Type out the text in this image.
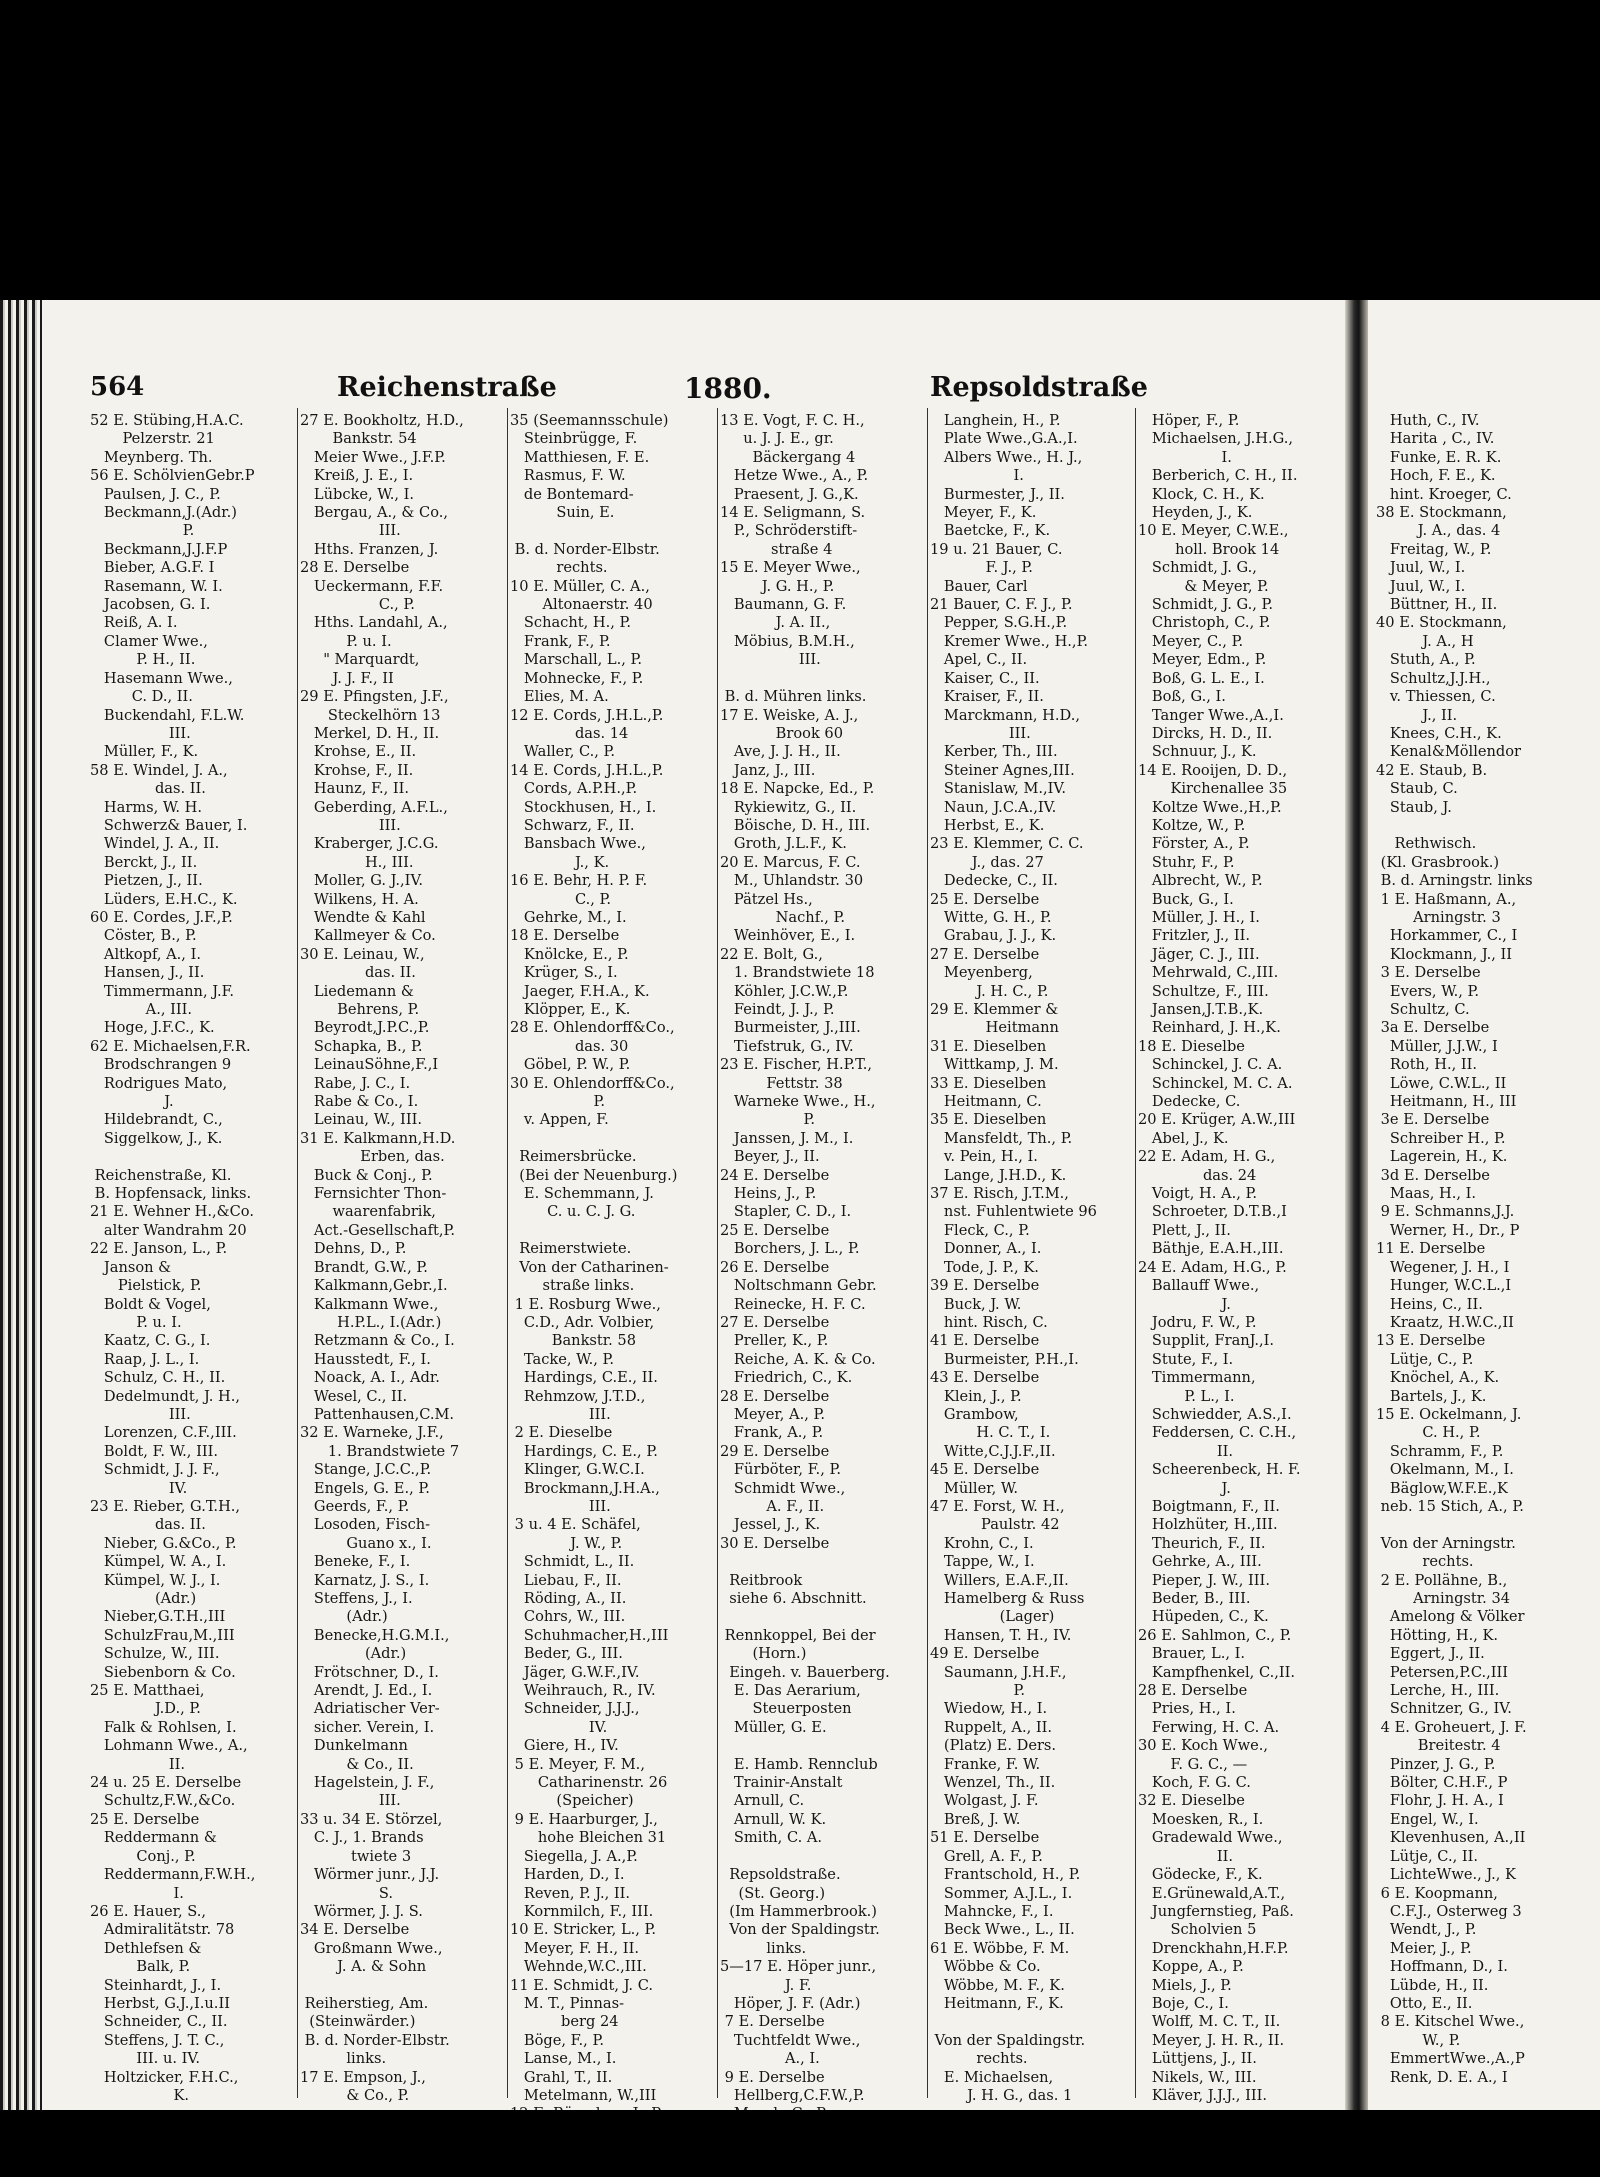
564	Reichenstraße	1880.	Repsoldstraße
52 E. Stübing,H.A.C.
Pelzerstr. 21
Meynberg. Th.
56 E. SchölvienGebr.P
Paulsen, J. C., P.
Beckmann,J.(Adr.)
P.
Beckmann,J.J.F.P
Bieber, A.G.F. I
Rasemann, W. I.
Jacobsen, G. I.
Reiß, A. I.
Clamer Wwe.,
P. H., II.
Hasemann Wwe.,
C. D., II.
Buckendahl, F.L.W.
III.
Müller, F., K.
58 E. Windel, J. A.,
das. II.
Harms, W. H.
Schwerz& Bauer, I.
Windel, J. A., II.
Berckt, J., II.
Pietzen, J., II.
Lüders, E.H.C., K.
60 E. Cordes, J.F.,P.
Cöster, B., P.
Altkopf, A., I.
Hansen, J., II.
Timmermann, J.F.
A., III.
Hoge, J.F.C., K.
62 E. Michaelsen,F.R.
Brodschrangen 9
Rodrigues Mato,
J.
Hildebrandt, C.,
Siggelkow, J., K.

Reichenstraße, Kl.
B. Hopfensack, links.
21 E. Wehner H.,&Co.
alter Wandrahm 20
22 E. Janson, L., P.
Janson &
Pielstick, P.
Boldt & Vogel,
P. u. I.
Kaatz, C. G., I.
Raap, J. L., I.
Schulz, C. H., II.
Dedelmundt, J. H.,
III.
Lorenzen, C.F.,III.
Boldt, F. W., III.
Schmidt, J. J. F.,
IV.
23 E. Rieber, G.T.H.,
das. II.
Nieber, G.&Co., P.
Kümpel, W. A., I.
Kümpel, W. J., I.
(Adr.)
Nieber,G.T.H.,III
SchulzFrau,M.,III
Schulze, W., III.
Siebenborn & Co.
25 E. Matthaei,
J.D., P.
Falk & Rohlsen, I.
Lohmann Wwe., A.,
II.
24 u. 25 E. Derselbe
Schultz,F.W.,&Co.
25 E. Derselbe
Reddermann &
Conj., P.
Reddermann,F.W.H.,
I.
26 E. Hauer, S.,
Admiralitätstr. 78
Dethlefsen &
Balk, P.
Steinhardt, J., I.
Herbst, G.J.,I.u.II
Schneider, C., II.
Steffens, J. T. C.,
III. u. IV.
Holtzicker, F.H.C.,
K.
27 E. Bookholtz, H.D.,
Bankstr. 54
Meier Wwe., J.F.P.
Kreiß, J. E., I.
Lübcke, W., I.
Bergau, A., & Co.,
III.
Hths. Franzen, J.
28 E. Derselbe
Ueckermann, F.F.
C., P.
Hths. Landahl, A.,
P. u. I.
" Marquardt,
J. J. F., II
29 E. Pfingsten, J.F.,
Steckelhörn 13
Merkel, D. H., II.
Krohse, E., II.
Krohse, F., II.
Haunz, F., II.
Geberding, A.F.L.,
III.
Kraberger, J.C.G.
H., III.
Moller, G. J.,IV.
Wilkens, H. A.
Wendte & Kahl
Kallmeyer & Co.
30 E. Leinau, W.,
das. II.
Liedemann &
Behrens, P.
Beyrodt,J.P.C.,P.
Schapka, B., P.
LeinauSöhne,F.,I
Rabe, J. C., I.
Rabe & Co., I.
Leinau, W., III.
31 E. Kalkmann,H.D.
Erben, das.
Buck & Conj., P.
Fernsichter Thon-
waarenfabrik,
Act.-Gesellschaft,P.
Dehns, D., P.
Brandt, G.W., P.
Kalkmann,Gebr.,I.
Kalkmann Wwe.,
H.P.L., I.(Adr.)
Retzmann & Co., I.
Hausstedt, F., I.
Noack, A. I., Adr.
Wesel, C., II.
Pattenhausen,C.M.
32 E. Warneke, J.F.,
1. Brandstwiete 7
Stange, J.C.C.,P.
Engels, G. E., P.
Geerds, F., P.
Losoden, Fisch-
Guano x., I.
Beneke, F., I.
Karnatz, J. S., I.
Steffens, J., I.
(Adr.)
Benecke,H.G.M.I.,
(Adr.)
Frötschner, D., I.
Arendt, J. Ed., I.
Adriatischer Ver-
sicher. Verein, I.
Dunkelmann
& Co., II.
Hagelstein, J. F.,
III.
33 u. 34 E. Störzel,
C. J., 1. Brands
twiete 3
Wörmer junr., J.J.
S.
Wörmer, J. J. S.
34 E. Derselbe
Großmann Wwe.,
J. A. & Sohn

Reiherstieg, Am.
(Steinwärder.)
B. d. Norder-Elbstr.
links.
17 E. Empson, J.,
& Co., P.
35 (Seemannsschule)
Steinbrügge, F.
Matthiesen, F. E.
Rasmus, F. W.
de Bontemard-
Suin, E.

B. d. Norder-Elbstr.
rechts.
10 E. Müller, C. A.,
Altonaerstr. 40
Schacht, H., P.
Frank, F., P.
Marschall, L., P.
Mohnecke, F., P.
Elies, M. A.
12 E. Cords, J.H.L.,P.
das. 14
Waller, C., P.
14 E. Cords, J.H.L.,P.
Cords, A.P.H.,P.
Stockhusen, H., I.
Schwarz, F., II.
Bansbach Wwe.,
J., K.
16 E. Behr, H. P. F.
C., P.
Gehrke, M., I.
18 E. Derselbe
Knölcke, E., P.
Krüger, S., I.
Jaeger, F.H.A., K.
Klöpper, E., K.
28 E. Ohlendorff&Co.,
das. 30
Göbel, P. W., P.
30 E. Ohlendorff&Co.,
P.
v. Appen, F.

Reimersbrücke.
(Bei der Neuenburg.)
E. Schemmann, J.
C. u. C. J. G.

Reimerstwiete.
Von der Catharinen-
straße links.
1 E. Rosburg Wwe.,
C.D., Adr. Volbier,
Bankstr. 58
Tacke, W., P.
Hardings, C.E., II.
Rehmzow, J.T.D.,
III.
2 E. Dieselbe
Hardings, C. E., P.
Klinger, G.W.C.I.
Brockmann,J.H.A.,
III.
3 u. 4 E. Schäfel,
J. W., P.
Schmidt, L., II.
Liebau, F., II.
Röding, A., II.
Cohrs, W., III.
Schuhmacher,H.,III
Beder, G., III.
Jäger, G.W.F.,IV.
Weihrauch, R., IV.
Schneider, J.J.J.,
IV.
Giere, H., IV.
5 E. Meyer, F. M.,
Catharinenstr. 26
(Speicher)
9 E. Haarburger, J.,
hohe Bleichen 31
Siegella, J. A.,P.
Harden, D., I.
Reven, P. J., II.
Kornmilch, F., III.
10 E. Stricker, L., P.
Meyer, F. H., II.
Wehnde,W.C.,III.
11 E. Schmidt, J. C.
M. T., Pinnas-
berg 24
Böge, F., P.
Lanse, M., I.
Grahl, T., II.
Metelmann, W.,III

13 E. Vogt, F. C. H.,
u. J. J. E., gr.
Bäckergang 4
Hetze Wwe., A., P.
Praesent, J. G.,K.
14 E. Seligmann, S.
P., Schröderstift-
straße 4
15 E. Meyer Wwe.,
J. G. H., P.
Baumann, G. F.
J. A. II.,
Möbius, B.M.H.,
III.

B. d. Mühren links.
17 E. Weiske, A. J.,
Brook 60
Ave, J. J. H., II.
Janz, J., III.
18 E. Napcke, Ed., P.
Rykiewitz, G., II.
Böische, D. H., III.
Groth, J.L.F., K.
20 E. Marcus, F. C.
M., Uhlandstr. 30
Pätzel Hs.,
Nachf., P.
Weinhöver, E., I.
22 E. Bolt, G.,
1. Brandstwiete 18
Köhler, J.C.W.,P.
Feindt, J. J., P.
Burmeister, J.,III.
Tiefstruk, G., IV.
23 E. Fischer, H.P.T.,
Fettstr. 38
Warneke Wwe., H.,
P.
Janssen, J. M., I.
Beyer, J., II.
24 E. Derselbe
Heins, J., P.
Stapler, C. D., I.
25 E. Derselbe
Borchers, J. L., P.
26 E. Derselbe
Noltschmann Gebr.
Reinecke, H. F. C.
27 E. Derselbe
Preller, K., P.
Reiche, A. K. & Co.
Friedrich, C., K.
28 E. Derselbe
Meyer, A., P.
Frank, A., P.
29 E. Derselbe
Fürböter, F., P.
Schmidt Wwe.,
A. F., II.
Jessel, J., K.
30 E. Derselbe

Reitbrook
siehe 6. Abschnitt.

Rennkoppel, Bei der
(Horn.)
Eingeh. v. Bauerberg.
E. Das Aerarium,
Steuerposten
Müller, G. E.

E. Hamb. Rennclub
Trainir-Anstalt
Arnull, C.
Arnull, W. K.
Smith, C. A.

Repsoldstraße.
(St. Georg.)
(Im Hammerbrook.)
Von der Spaldingstr.
links.
5—17 E. Höper junr.,
J. F.
Höper, J. F. (Adr.)
7 E. Derselbe
Tuchtfeldt Wwe.,
A., I.
9 E. Derselbe
Hellberg,C.F.W.,P.

Langhein, H., P.
Plate Wwe.,G.A.,I.
Albers Wwe., H. J.,
I.
Burmester, J., II.
Meyer, F., K.
Baetcke, F., K.
19 u. 21 Bauer, C.
F. J., P.
Bauer, Carl
21 Bauer, C. F. J., P.
Pepper, S.G.H.,P.
Kremer Wwe., H.,P.
Apel, C., II.
Kaiser, C., II.
Kraiser, F., II.
Marckmann, H.D.,
III.
Kerber, Th., III.
Steiner Agnes,III.
Stanislaw, M.,IV.
Naun, J.C.A.,IV.
Herbst, E., K.
23 E. Klemmer, C. C.
J., das. 27
Dedecke, C., II.
25 E. Derselbe
Witte, G. H., P.
Grabau, J. J., K.
27 E. Derselbe
Meyenberg,
J. H. C., P.
29 E. Klemmer &
Heitmann
31 E. Dieselben
Wittkamp, J. M.
33 E. Dieselben
Heitmann, C.
35 E. Dieselben
Mansfeldt, Th., P.
v. Pein, H., I.
Lange, J.H.D., K.
37 E. Risch, J.T.M.,
nst. Fuhlentwiete 96
Fleck, C., P.
Donner, A., I.
Tode, J. P., K.
39 E. Derselbe
Buck, J. W.
hint. Risch, C.
41 E. Derselbe
Burmeister, P.H.,I.
43 E. Derselbe
Klein, J., P.
Grambow,
H. C. T., I.
Witte,C.J.J.F.,II.
45 E. Derselbe
Müller, W.
47 E. Forst, W. H.,
Paulstr. 42
Krohn, C., I.
Tappe, W., I.
Willers, E.A.F.,II.
Hamelberg & Russ
(Lager)
Hansen, T. H., IV.
49 E. Derselbe
Saumann, J.H.F.,
P.
Wiedow, H., I.
Ruppelt, A., II.
(Platz) E. Ders.
Franke, F. W.
Wenzel, Th., II.
Wolgast, J. F.
Breß, J. W.
51 E. Derselbe
Grell, A. F., P.
Frantschold, H., P.
Sommer, A.J.L., I.
Mahncke, F., I.
Beck Wwe., L., II.
61 E. Wöbbe, F. M.
Wöbbe & Co.
Wöbbe, M. F., K.
Heitmann, F., K.

Von der Spaldingstr.
rechts.
E. Michaelsen,
J. H. G., das. 1
Höper, F., P.
Michaelsen, J.H.G.,
I.
Berberich, C. H., II.
Klock, C. H., K.
Heyden, J., K.
10 E. Meyer, C.W.E.,
holl. Brook 14
Schmidt, J. G.,
& Meyer, P.
Schmidt, J. G., P.
Christoph, C., P.
Meyer, C., P.
Meyer, Edm., P.
Boß, G. L. E., I.
Boß, G., I.
Tanger Wwe.,A.,I.
Dircks, H. D., II.
Schnuur, J., K.
14 E. Rooijen, D. D.,
Kirchenallee 35
Koltze Wwe.,H.,P.
Koltze, W., P.
Förster, A., P.
Stuhr, F., P.
Albrecht, W., P.
Buck, G., I.
Müller, J. H., I.
Fritzler, J., II.
Jäger, C. J., III.
Mehrwald, C.,III.
Schultze, F., III.
Jansen,J.T.B.,K.
Reinhard, J. H.,K.
18 E. Dieselbe
Schinckel, J. C. A.
Schinckel, M. C. A.
Dedecke, C.
20 E. Krüger, A.W.,III
Abel, J., K.
22 E. Adam, H. G.,
das. 24
Voigt, H. A., P.
Schroeter, D.T.B.,I
Plett, J., II.
Bäthje, E.A.H.,III.
24 E. Adam, H.G., P.
Ballauff Wwe.,
J.
Jodru, F. W., P.
Supplit, FranJ.,I.
Stute, F., I.
Timmermann,
P. L., I.
Schwiedder, A.S.,I.
Feddersen, C. C.H.,
II.
Scheerenbeck, H. F.
J.
Boigtmann, F., II.
Holzhüter, H.,III.
Theurich, F., II.
Gehrke, A., III.
Pieper, J. W., III.
Beder, B., III.
Hüpeden, C., K.
26 E. Sahlmon, C., P.
Brauer, L., I.
Kampfhenkel, C.,II.
28 E. Derselbe
Pries, H., I.
Ferwing, H. C. A.
30 E. Koch Wwe.,
F. G. C., —
Koch, F. G. C.
32 E. Dieselbe
Moesken, R., I.
Gradewald Wwe.,
II.
Gödecke, F., K.
E.Grünewald,A.T.,
Jungfernstieg, Paß.
Scholvien 5
Drenckhahn,H.F.P.
Koppe, A., P.
Miels, J., P.
Boje, C., I.
Wolff, M. C. T., II.
Meyer, J. H. R., II.
Lüttjens, J., II.
Nikels, W., III.
Kläver, J.J.J., III.
Huth, C., IV.
Harita , C., IV.
Funke, E. R. K.
Hoch, F. E., K.
hint. Kroeger, C.
38 E. Stockmann,
J. A., das. 4
Freitag, W., P.
Juul, W., I.
Juul, W., I.
Büttner, H., II.
40 E. Stockmann,
J. A., H
Stuth, A., P.
Schultz,J.J.H.,
v. Thiessen, C.
J., II.
Knees, C.H., K.
Kenal&Möllendor
42 E. Staub, B.
Staub, C.
Staub, J.

Rethwisch.
(Kl. Grasbrook.)
B. d. Arningstr. links
1 E. Haßmann, A.,
Arningstr. 3
Horkammer, C., I
Klockmann, J., II
3 E. Derselbe
Evers, W., P.
Schultz, C.
3a E. Derselbe
Müller, J.J.W., I
Roth, H., II.
Löwe, C.W.L., II
Heitmann, H., III
3e E. Derselbe
Schreiber H., P.
Lagerein, H., K.
3d E. Derselbe
Maas, H., I.
9 E. Schmanns,J.J.
Werner, H., Dr., P
11 E. Derselbe
Wegener, J. H., I
Hunger, W.C.L.,I
Heins, C., II.
Kraatz, H.W.C.,II
13 E. Derselbe
Lütje, C., P.
Knöchel, A., K.
Bartels, J., K.
15 E. Ockelmann, J.
C. H., P.
Schramm, F., P.
Okelmann, M., I.
Bäglow,W.F.E.,K
neb. 15 Stich, A., P.

Von der Arningstr.
rechts.
2 E. Pollähne, B.,
Arningstr. 34
Amelong & Völker
Hötting, H., K.
Eggert, J., II.
Petersen,P.C.,III
Lerche, H., III.
Schnitzer, G., IV.
4 E. Groheuert, J. F.
Breitestr. 4
Pinzer, J. G., P.
Bölter, C.H.F., P
Flohr, J. H. A., I
Engel, W., I.
Klevenhusen, A.,II
Lütje, C., II.
LichteWwe., J., K
6 E. Koopmann,
C.F.J., Osterweg 3
Wendt, J., P.
Meier, J., P.
Hoffmann, D., I.
Lübde, H., II.
Otto, E., II.
8 E. Kitschel Wwe.,
W., P.
EmmertWwe.,A.,P
Renk, D. E. A., I
